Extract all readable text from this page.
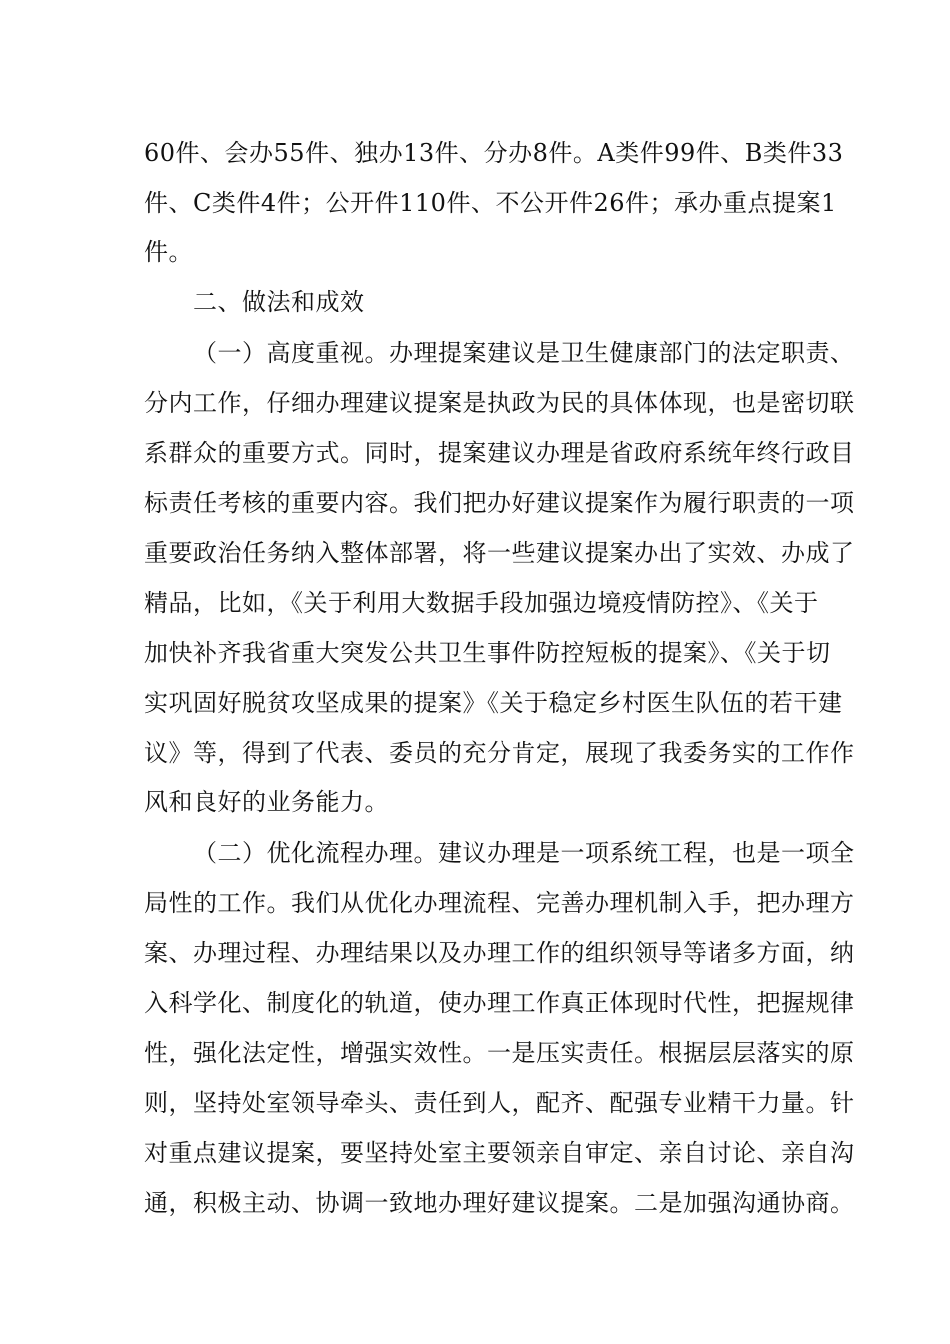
60件、会办55件、独办13件、分办8件。A类件99件、B类件33
件、C类件4件；公开件110件、不公开件26件；承办重点提案1
件。
二、做法和成效
（一）高度重视。办理提案建议是卫生健康部门的法定职责、
分内工作，仔细办理建议提案是执政为民的具体体现，也是密切联
系群众的重要方式。同时，提案建议办理是省政府系统年终行政目
标责任考核的重要内容。我们把办好建议提案作为履行职责的一项
重要政治任务纳入整体部署，将一些建议提案办出了实效、办成了
精品，比如，《关于利用大数据手段加强边境疫情防控》、《关于
加快补齐我省重大突发公共卫生事件防控短板的提案》、《关于切
实巩固好脱贫攻坚成果的提案》《关于稳定乡村医生队伍的若干建
议》等，得到了代表、委员的充分肯定，展现了我委务实的工作作
风和良好的业务能力。
（二）优化流程办理。建议办理是一项系统工程，也是一项全
局性的工作。我们从优化办理流程、完善办理机制入手，把办理方
案、办理过程、办理结果以及办理工作的组织领导等诸多方面，纳
入科学化、制度化的轨道，使办理工作真正体现时代性，把握规律
性，强化法定性，增强实效性。一是压实责任。根据层层落实的原
则，坚持处室领导牵头、责任到人，配齐、配强专业精干力量。针
对重点建议提案，要坚持处室主要领亲自审定、亲自讨论、亲自沟
通，积极主动、协调一致地办理好建议提案。二是加强沟通协商。
